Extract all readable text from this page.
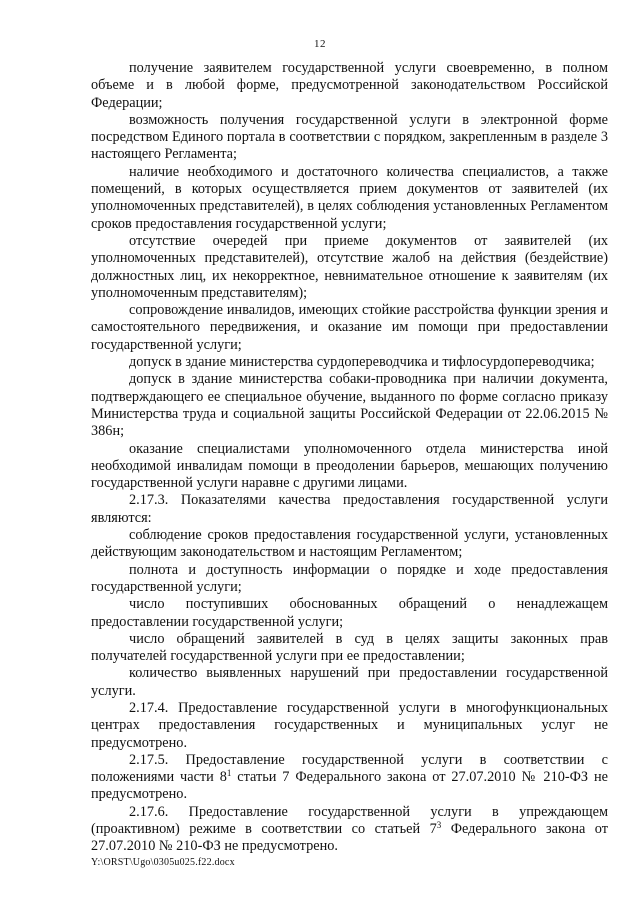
12

получение заявителем государственной услуги своевременно, в полном объеме и в любой форме, предусмотренной законодательством Российской Федерации;

возможность получения государственной услуги в электронной форме посредством Единого портала в соответствии с порядком, закрепленным в разделе 3 настоящего Регламента;

наличие необходимого и достаточного количества специалистов, а также помещений, в которых осуществляется прием документов от заявителей (их уполномоченных представителей), в целях соблюдения установленных Регламентом сроков предоставления государственной услуги;

отсутствие очередей при приеме документов от заявителей (их уполномоченных представителей), отсутствие жалоб на действия (бездействие) должностных лиц, их некорректное, невнимательное отношение к заявителям (их уполномоченным представителям);

сопровождение инвалидов, имеющих стойкие расстройства функции зрения и самостоятельного передвижения, и оказание им помощи при предоставлении государственной услуги;

допуск в здание министерства сурдопереводчика и тифлосурдопереводчика;

допуск в здание министерства собаки-проводника при наличии документа, подтверждающего ее специальное обучение, выданного по форме согласно приказу Министерства труда и социальной защиты Российской Федерации от 22.06.2015 № 386н;

оказание специалистами уполномоченного отдела министерства иной необходимой инвалидам помощи в преодолении барьеров, мешающих получению государственной услуги наравне с другими лицами.

2.17.3. Показателями качества предоставления государственной услуги являются:

соблюдение сроков предоставления государственной услуги, установленных действующим законодательством и настоящим Регламентом;

полнота и доступность информации о порядке и ходе предоставления государственной услуги;

число поступивших обоснованных обращений о ненадлежащем предоставлении государственной услуги;

число обращений заявителей в суд в целях защиты законных прав получателей государственной услуги при ее предоставлении;

количество выявленных нарушений при предоставлении государственной услуги.

2.17.4. Предоставление государственной услуги в многофункциональных центрах предоставления государственных и муниципальных услуг не предусмотрено.

2.17.5. Предоставление государственной услуги в соответствии с положениями части $8^1$ статьи 7 Федерального закона от 27.07.2010 № 210-ФЗ не предусмотрено.

2.17.6. Предоставление государственной услуги в упреждающем (проактивном) режиме в соответствии со статьей $7^3$ Федерального закона от 27.07.2010 № 210-ФЗ не предусмотрено.

Y:\ORST\Ugo\0305u025.f22.docx
